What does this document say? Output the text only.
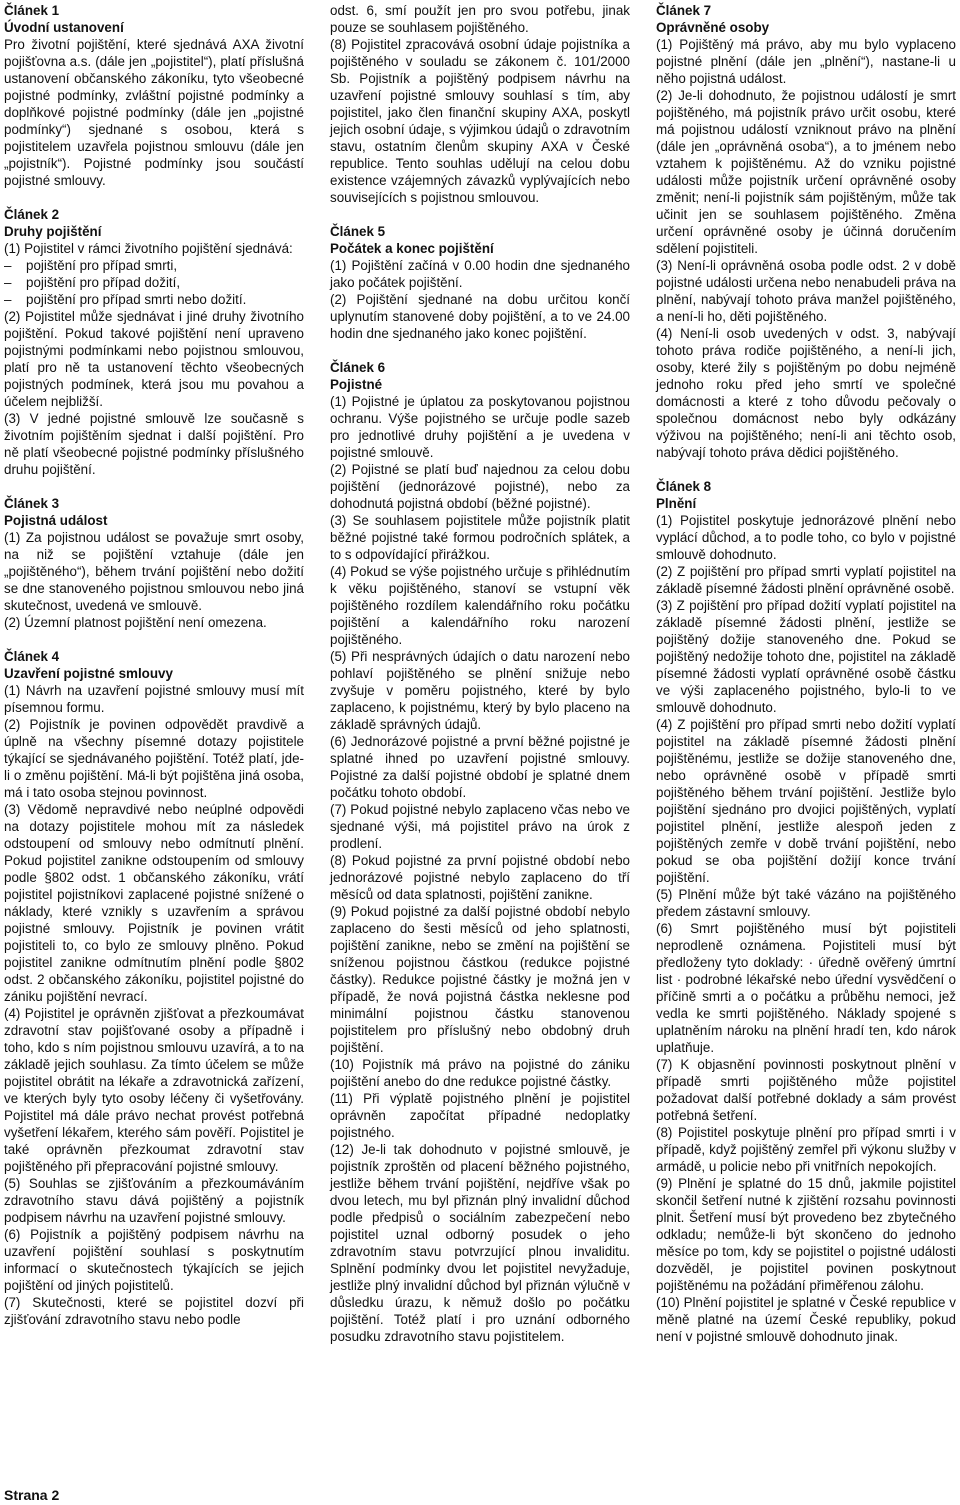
Článek 1
Úvodní ustanovení

Pro životní pojištění, které sjednává AXA životní pojišťovna a.s. (dále jen „pojistitel“), platí příslušná ustanovení občanského zákoníku, tyto všeobecné pojistné podmínky, zvláštní pojistné podmínky a doplňkové pojistné podmínky (dále jen „pojistné podmínky“) sjednané s osobou, která s pojistitelem uzavřela pojistnou smlouvu (dále jen „pojistník“). Pojistné podmínky jsou součástí pojistné smlouvy.

Článek 2
Druhy pojištění

(1) Pojistitel v rámci životního pojištění sjednává:

– pojištění pro případ smrti,
– pojištění pro případ dožití,
– pojištění pro případ smrti nebo dožití.

(2) Pojistitel může sjednávat i jiné druhy životního pojištění. Pokud takové pojištění není upraveno pojistnými podmínkami nebo pojistnou smlouvou, platí pro ně ta ustanovení těchto všeobecných pojistných podmínek, která jsou mu povahou a účelem nejbližší.

(3) V jedné pojistné smlouvě lze současně s životním pojištěním sjednat i další pojištění. Pro ně platí všeobecné pojistné podmínky příslušného druhu pojištění.

Článek 3
Pojistná událost

(1) Za pojistnou událost se považuje smrt osoby, na niž se pojištění vztahuje (dále jen „pojištěného“), během trvání pojištění nebo dožití se dne stanoveného pojistnou smlouvou nebo jiná skutečnost, uvedená ve smlouvě.

(2) Územní platnost pojištění není omezena.

Článek 4
Uzavření pojistné smlouvy

(1) Návrh na uzavření pojistné smlouvy musí mít písemnou formu.

(2) Pojistník je povinen odpovědět pravdivě a úplně na všechny písemné dotazy pojistitele týkající se sjednávaného pojištění. Totéž platí, jde-li o změnu pojištění. Má-li být pojištěna jiná osoba, má i tato osoba stejnou povinnost.

(3) Vědomě nepravdivé nebo neúplné odpovědi na dotazy pojistitele mohou mít za následek odstoupení od smlouvy nebo odmítnutí plnění. Pokud pojistitel zanikne odstoupením od smlouvy podle §802 odst. 1 občanského zákoníku, vrátí pojistitel pojistníkovi zaplacené pojistné snížené o náklady, které vznikly s uzavřením a správou pojistné smlouvy. Pojistník je povinen vrátit pojistiteli to, co bylo ze smlouvy plněno. Pokud pojistitel zanikne odmítnutím plnění podle §802 odst. 2 občanského zákoníku, pojistitel pojistné do zániku pojištění nevrací.

(4) Pojistitel je oprávněn zjišťovat a přezkoumávat zdravotní stav pojišťované osoby a případně i toho, kdo s ním pojistnou smlouvu uzavírá, a to na základě jejich souhlasu. Za tímto účelem se může pojistitel obrátit na lékaře a zdravotnická zařízení, ve kterých byly tyto osoby léčeny či vyšetřovány. Pojistitel má dále právo nechat provést potřebná vyšetření lékařem, kterého sám pověří. Pojistitel je také oprávněn přezkoumat zdravotní stav pojištěného při přepracování pojistné smlouvy.

(5) Souhlas se zjišťováním a přezkoumáváním zdravotního stavu dává pojištěný a pojistník podpisem návrhu na uzavření pojistné smlouvy.

(6) Pojistník a pojištěný podpisem návrhu na uzavření pojištění souhlasí s poskytnutím informací o skutečnostech týkajících se jejich pojištění od jiných pojistitelů.

(7) Skutečnosti, které se pojistitel dozví při zjišťování zdravotního stavu nebo podle

odst. 6, smí použít jen pro svou potřebu, jinak pouze se souhlasem pojištěného.

(8) Pojistitel zpracovává osobní údaje pojistníka a pojištěného v souladu se zákonem č. 101/2000 Sb. Pojistník a pojištěný podpisem návrhu na uzavření pojistné smlouvy souhlasí s tím, aby pojistitel, jako člen finanční skupiny AXA, poskytl jejich osobní údaje, s výjimkou údajů o zdravotním stavu, ostatním členům skupiny AXA v České republice. Tento souhlas udělují na celou dobu existence vzájemných závazků vyplývajících nebo souvisejících s pojistnou smlouvou.

Článek 5
Počátek a konec pojištění

(1) Pojištění začíná v 0.00 hodin dne sjednaného jako počátek pojištění.

(2) Pojištění sjednané na dobu určitou končí uplynutím stanovené doby pojištění, a to ve 24.00 hodin dne sjednaného jako konec pojištění.

Článek 6
Pojistné

(1) Pojistné je úplatou za poskytovanou pojistnou ochranu. Výše pojistného se určuje podle sazeb pro jednotlivé druhy pojištění a je uvedena v pojistné smlouvě.

(2) Pojistné se platí buď najednou za celou dobu pojištění (jednorázové pojistné), nebo za dohodnutá pojistná období (běžné pojistné).

(3) Se souhlasem pojistitele může pojistník platit běžné pojistné také formou področních splátek, a to s odpovídající přirážkou.

(4) Pokud se výše pojistného určuje s přihlédnutím k věku pojištěného, stanoví se vstupní věk pojištěného rozdílem kalendářního roku počátku pojištění a kalendářního roku narození pojištěného.

(5) Při nesprávných údajích o datu narození nebo pohlaví pojištěného se plnění snižuje nebo zvyšuje v poměru pojistného, které by bylo zaplaceno, k pojistnému, který by bylo placeno na základě správných údajů.

(6) Jednorázové pojistné a první běžné pojistné je splatné ihned po uzavření pojistné smlouvy. Pojistné za další pojistné období je splatné dnem počátku tohoto období.

(7) Pokud pojistné nebylo zaplaceno včas nebo ve sjednané výši, má pojistitel právo na úrok z prodlení.

(8) Pokud pojistné za první pojistné období nebo jednorázové pojistné nebylo zaplaceno do tří měsíců od data splatnosti, pojištění zanikne.

(9) Pokud pojistné za další pojistné období nebylo zaplaceno do šesti měsíců od jeho splatnosti, pojištění zanikne, nebo se změní na pojištění se sníženou pojistnou částkou (redukce pojistné částky). Redukce pojistné částky je možná jen v případě, že nová pojistná částka neklesne pod minimální pojistnou částku stanovenou pojistitelem pro příslušný nebo obdobný druh pojištění.

(10) Pojistník má právo na pojistné do zániku pojištění anebo do dne redukce pojistné částky.

(11) Při výplatě pojistného plnění je pojistitel oprávněn započítat případné nedoplatky pojistného.

(12) Je-li tak dohodnuto v pojistné smlouvě, je pojistník zproštěn od placení běžného pojistného, jestliže během trvání pojištění, nejdříve však po dvou letech, mu byl přiznán plný invalidní důchod podle předpisů o sociálním zabezpečení nebo pojistitel uznal odborný posudek o jeho zdravotním stavu potvrzující plnou invaliditu. Splnění podmínky dvou let pojistitel nevyžaduje, jestliže plný invalidní důchod byl přiznán výlučně v důsledku úrazu, k němuž došlo po počátku pojištění. Totéž platí i pro uznání odborného posudku zdravotního stavu pojistitelem.

Článek 7
Oprávněné osoby

(1) Pojištěný má právo, aby mu bylo vyplaceno pojistné plnění (dále jen „plnění“), nastane-li u něho pojistná událost.

(2) Je-li dohodnuto, že pojistnou událostí je smrt pojištěného, má pojistník právo určit osobu, které má pojistnou událostí vzniknout právo na plnění (dále jen „oprávněná osoba“), a to jménem nebo vztahem k pojištěnému. Až do vzniku pojistné události může pojistník určení oprávněné osoby změnit; není-li pojistník sám pojištěným, může tak učinit jen se souhlasem pojištěného. Změna určení oprávněné osoby je účinná doručením sdělení pojistiteli.

(3) Není-li oprávněná osoba podle odst. 2 v době pojistné události určena nebo nenabudeli práva na plnění, nabývají tohoto práva manžel pojištěného, a není-li ho, děti pojištěného.

(4) Není-li osob uvedených v odst. 3, nabývají tohoto práva rodiče pojištěného, a není-li jich, osoby, které žily s pojištěným po dobu nejméně jednoho roku před jeho smrtí ve společné domácnosti a které z toho důvodu pečovaly o společnou domácnost nebo byly odkázány výživou na pojištěného; není-li ani těchto osob, nabývají tohoto práva dědici pojištěného.

Článek 8
Plnění

(1) Pojistitel poskytuje jednorázové plnění nebo vyplácí důchod, a to podle toho, co bylo v pojistné smlouvě dohodnuto.

(2) Z pojištění pro případ smrti vyplatí pojistitel na základě písemné žádosti plnění oprávněné osobě.

(3) Z pojištění pro případ dožití vyplatí pojistitel na základě písemné žádosti plnění, jestliže se pojištěný dožije stanoveného dne. Pokud se pojištěný nedožije tohoto dne, pojistitel na základě písemné žádosti vyplatí oprávněné osobě částku ve výši zaplaceného pojistného, bylo-li to ve smlouvě dohodnuto.

(4) Z pojištění pro případ smrti nebo dožití vyplatí pojistitel na základě písemné žádosti plnění pojištěnému, jestliže se dožije stanoveného dne, nebo oprávněné osobě v případě smrti pojištěného během trvání pojištění. Jestliže bylo pojištění sjednáno pro dvojici pojištěných, vyplatí pojistitel plnění, jestliže alespoň jeden z pojištěných zemře v době trvání pojištění, nebo pokud se oba pojištění dožijí konce trvání pojištění.

(5) Plnění může být také vázáno na pojištěného předem zástavní smlouvy.

(6) Smrt pojištěného musí být pojistiteli neprodleně oznámena. Pojistiteli musí být předloženy tyto doklady: · úředně ověřený úmrtní list · podrobné lékařské nebo úřední vysvědčení o příčině smrti a o počátku a průběhu nemoci, jež vedla ke smrti pojištěného. Náklady spojené s uplatněním nároku na plnění hradí ten, kdo nárok uplatňuje.

(7) K objasnění povinnosti poskytnout plnění v případě smrti pojištěného může pojistitel požadovat další potřebné doklady a sám provést potřebná šetření.

(8) Pojistitel poskytuje plnění pro případ smrti i v případě, když pojištěný zemřel při výkonu služby v armádě, u policie nebo při vnitřních nepokojích.

(9) Plnění je splatné do 15 dnů, jakmile pojistitel skončil šetření nutné k zjištění rozsahu povinnosti plnit. Šetření musí být provedeno bez zbytečného odkladu; nemůže-li být skončeno do jednoho měsíce po tom, kdy se pojistitel o pojistné události dozvěděl, je pojistitel povinen poskytnout pojištěnému na požádání přiměřenou zálohu.

(10) Plnění pojistitel je splatné v České republice v měně platné na území České republiky, pokud není v pojistné smlouvě dohodnuto jinak.

Strana 2
